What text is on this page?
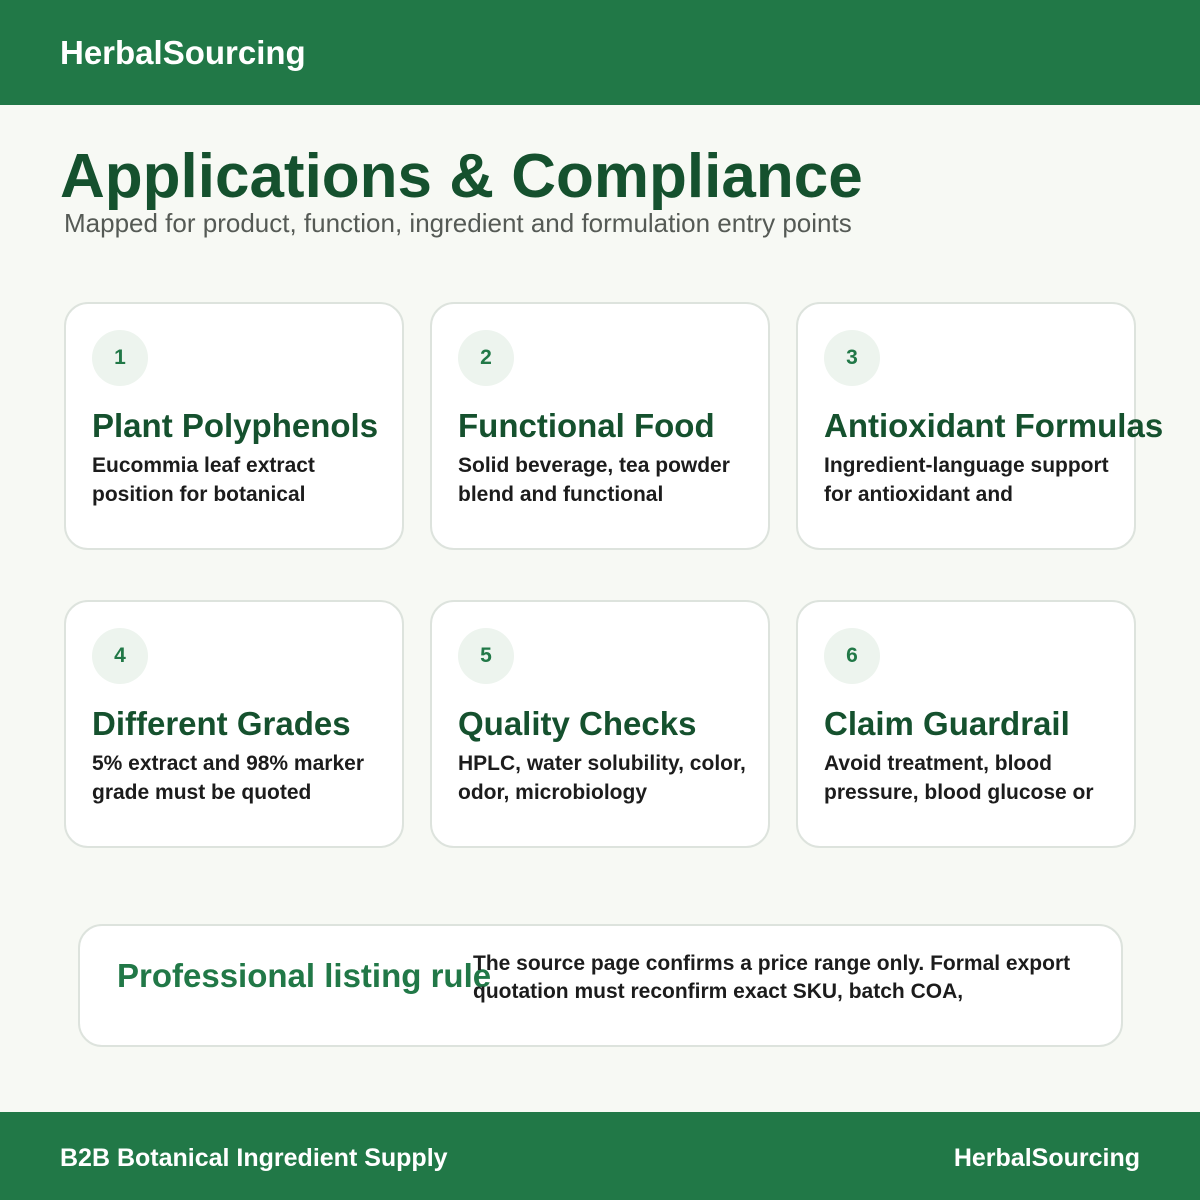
HerbalSourcing
Applications & Compliance
Mapped for product, function, ingredient and formulation entry points
1
Plant Polyphenols
Eucommia leaf extract position for botanical
2
Functional Food
Solid beverage, tea powder blend and functional
3
Antioxidant Formulas
Ingredient-language support for antioxidant and
4
Different Grades
5% extract and 98% marker grade must be quoted
5
Quality Checks
HPLC, water solubility, color, odor, microbiology
6
Claim Guardrail
Avoid treatment, blood pressure, blood glucose or
Professional listing rule
The source page confirms a price range only. Formal export quotation must reconfirm exact SKU, batch COA,
B2B Botanical Ingredient Supply	HerbalSourcing
